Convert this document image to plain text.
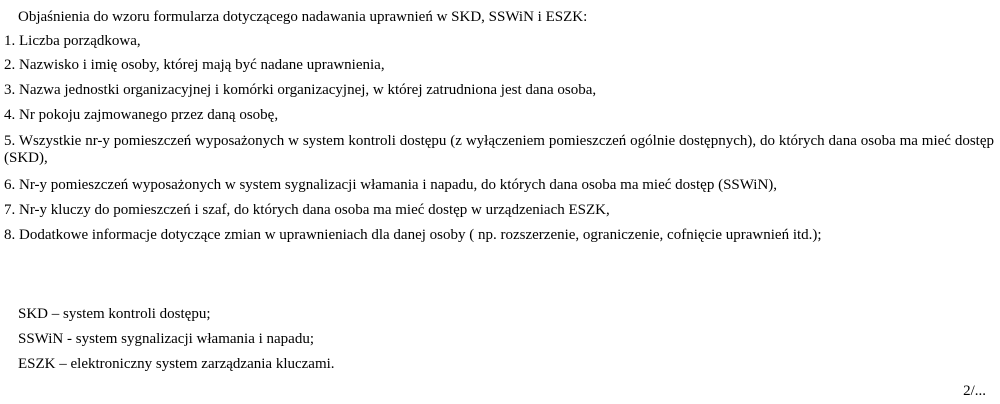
Objaśnienia do wzoru formularza dotyczącego nadawania uprawnień w SKD, SSWiN i ESZK:
1. Liczba porządkowa,
2. Nazwisko i imię osoby, której mają być nadane uprawnienia,
3. Nazwa jednostki organizacyjnej i komórki organizacyjnej, w której zatrudniona jest dana osoba,
4. Nr pokoju zajmowanego przez daną osobę,
5. Wszystkie nr-y pomieszczeń wyposażonych w system kontroli dostępu (z wyłączeniem pomieszczeń ogólnie dostępnych), do których dana osoba ma mieć dostęp (SKD),
6. Nr-y pomieszczeń wyposażonych w system sygnalizacji włamania i napadu, do których dana osoba ma mieć dostęp (SSWiN),
7. Nr-y kluczy do pomieszczeń i szaf, do których dana osoba ma mieć dostęp w urządzeniach ESZK,
8. Dodatkowe informacje dotyczące zmian w uprawnieniach dla danej osoby ( np. rozszerzenie, ograniczenie, cofnięcie uprawnień itd.);
SKD – system kontroli dostępu;
SSWiN - system sygnalizacji włamania i napadu;
ESZK – elektroniczny system zarządzania kluczami.
2/...
